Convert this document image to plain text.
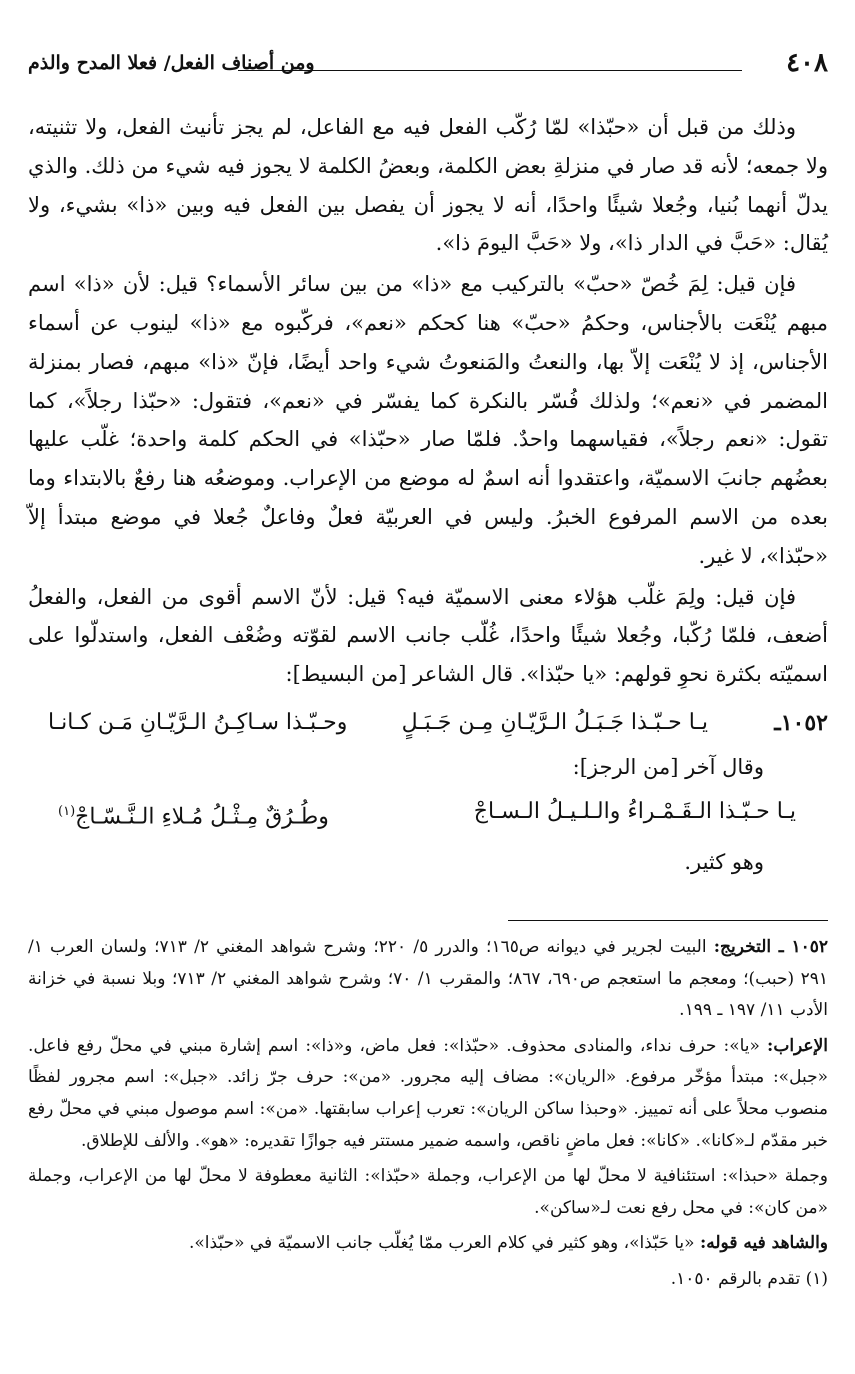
٤٠٨
ومن أصناف الفعل/ فعلا المدح والذم

وذلك من قبل أن «حبّذا» لمّا رُكّب الفعل فيه مع الفاعل، لم يجز تأنيث الفعل، ولا تثنيته، ولا جمعه؛ لأنه قد صار في منزلةِ بعض الكلمة، وبعضُ الكلمة لا يجوز فيه شيء من ذلك. والذي يدلّ أنهما بُنيا، وجُعلا شيئًا واحدًا، أنه لا يجوز أن يفصل بين الفعل فيه وبين «ذا» بشيء، ولا يُقال: «حَبَّ في الدار ذا»، ولا «حَبَّ اليومَ ذا».

فإن قيل: لِمَ خُصّ «حبّ» بالتركيب مع «ذا» من بين سائر الأسماء؟ قيل: لأن «ذا» اسم مبهم يُنْعَت بالأجناس، وحكمُ «حبّ» هنا كحكم «نعم»، فركّبوه مع «ذا» لينوب عن أسماء الأجناس، إذ لا يُنْعَت إلاّ بها، والنعتُ والمَنعوتُ شيء واحد أيضًا، فإنّ «ذا» مبهم، فصار بمنزلة المضمر في «نعم»؛ ولذلك فُسّر بالنكرة كما يفسّر في «نعم»، فتقول: «حبّذا رجلاً»، كما تقول: «نعم رجلاً»، فقياسهما واحدٌ. فلمّا صار «حبّذا» في الحكم كلمة واحدة؛ غلّب عليها بعضُهم جانبَ الاسميّة، واعتقدوا أنه اسمٌ له موضع من الإعراب. وموضعُه هنا رفعٌ بالابتداء وما بعده من الاسم المرفوع الخبرُ. وليس في العربيّة فعلٌ وفاعلٌ جُعلا في موضع مبتدأ إلاّ «حبّذا»، لا غير.

فإن قيل: ولِمَ غلّب هؤلاء معنى الاسميّة فيه؟ قيل: لأنّ الاسم أقوى من الفعل، والفعلُ أضعف، فلمّا رُكّبا، وجُعلا شيئًا واحدًا، غُلّب جانب الاسم لقوّته وضُعْف الفعل، واستدلّوا على اسميّته بكثرة نحوِ قولهم: «يا حبّذا». قال الشاعر [من البسيط]:

١٠٥٢ـ
يـا حـبّـذا جَـبَـلُ الـرَّيّـانِ مِـن جَـبَـلٍ
وحـبّـذا سـاكِـنُ الـرَّيّـانِ مَـن كـانـا

وقال آخر [من الرجز]:

يـا حـبّـذا الـقَـمْـراءُ والـلـيـلُ الـسـاجْ
وطُـرُقٌ مِـثْـلُ مُـلاءِ الـنَّـسّـاجْ$^{(١)}$

وهو كثير.

١٠٥٢ ـ التخريج: البيت لجرير في ديوانه ص١٦٥؛ والدرر ٥/ ٢٢٠؛ وشرح شواهد المغني ٢/ ٧١٣؛ ولسان العرب ١/ ٢٩١ (حبب)؛ ومعجم ما استعجم ص٦٩٠، ٨٦٧؛ والمقرب ١/ ٧٠؛ وشرح شواهد المغني ٢/ ٧١٣؛ وبلا نسبة في خزانة الأدب ١١/ ١٩٧ ـ ١٩٩.

الإعراب: «يا»: حرف نداء، والمنادى محذوف. «حبّذا»: فعل ماض، و«ذا»: اسم إشارة مبني في محلّ رفع فاعل. «جبل»: مبتدأ مؤخّر مرفوع. «الريان»: مضاف إليه مجرور. «من»: حرف جرّ زائد. «جبل»: اسم مجرور لفظًا منصوب محلاً على أنه تمييز. «وحبذا ساكن الريان»: تعرب إعراب سابقتها. «من»: اسم موصول مبني في محلّ رفع خبر مقدّم لـ«كانا». «كانا»: فعل ماضٍ ناقص، واسمه ضمير مستتر فيه جوازًا تقديره: «هو». والألف للإطلاق.

وجملة «حبذا»: استئنافية لا محلّ لها من الإعراب، وجملة «حبّذا»: الثانية معطوفة لا محلّ لها من الإعراب، وجملة «من كان»: في محل رفع نعت لـ«ساكن».

والشاهد فيه قوله: «يا حَبّذا»، وهو كثير في كلام العرب ممّا يُغلّب جانب الاسميّة في «حبّذا».

(١) تقدم بالرقم ١٠٥٠.
